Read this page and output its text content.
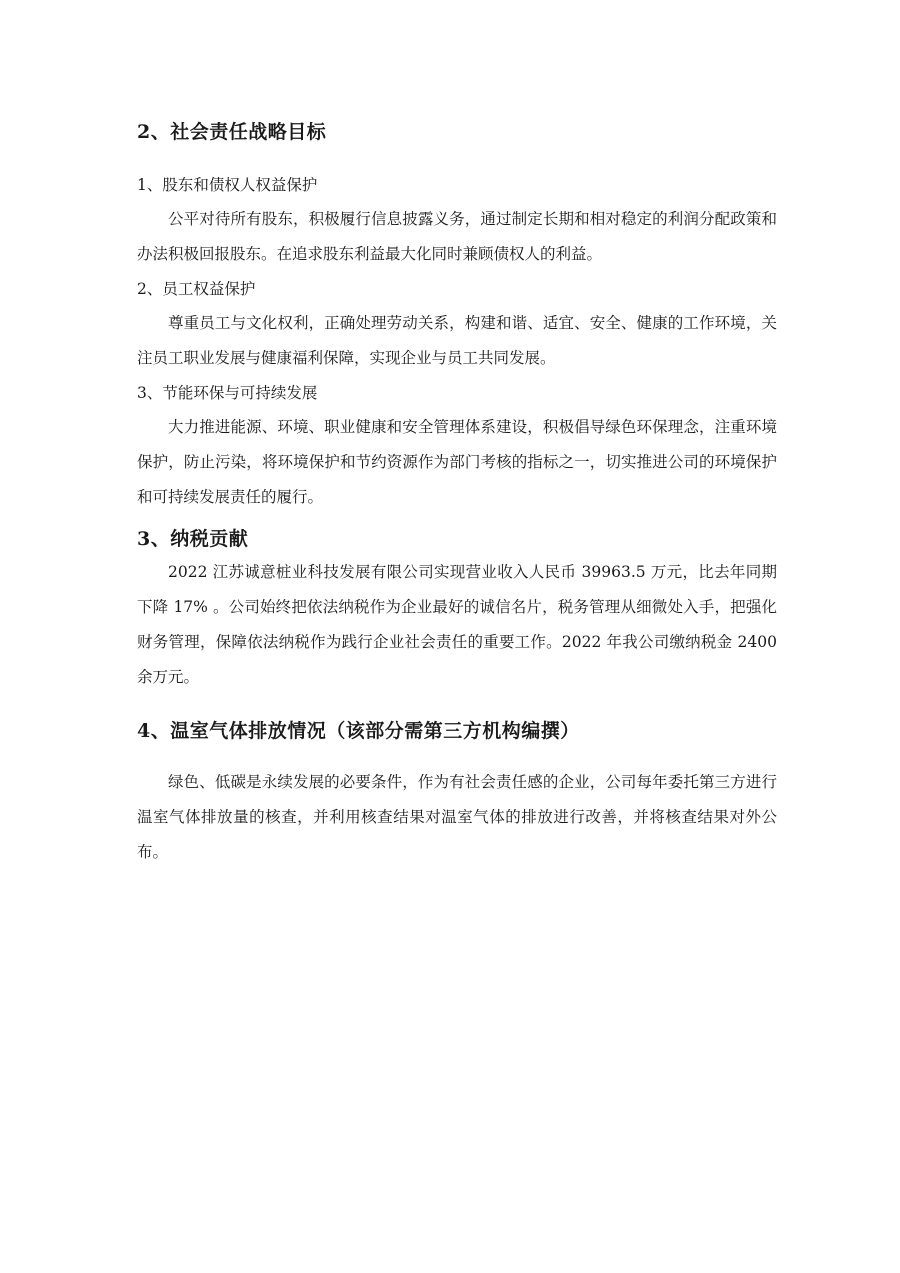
2、社会责任战略目标

1、股东和债权人权益保护

公平对待所有股东，积极履行信息披露义务，通过制定长期和相对稳定的利润分配政策和办法积极回报股东。在追求股东利益最大化同时兼顾债权人的利益。

2、员工权益保护

尊重员工与文化权利，正确处理劳动关系，构建和谐、适宜、安全、健康的工作环境，关注员工职业发展与健康福利保障，实现企业与员工共同发展。

3、节能环保与可持续发展

大力推进能源、环境、职业健康和安全管理体系建设，积极倡导绿色环保理念，注重环境保护，防止污染，将环境保护和节约资源作为部门考核的指标之一，切实推进公司的环境保护和可持续发展责任的履行。

3、纳税贡献

2022 江苏诚意桩业科技发展有限公司实现营业收入人民币 39963.5 万元，比去年同期下降 17% 。公司始终把依法纳税作为企业最好的诚信名片，税务管理从细微处入手，把强化财务管理，保障依法纳税作为践行企业社会责任的重要工作。2022 年我公司缴纳税金 2400 余万元。

4、温室气体排放情况（该部分需第三方机构编撰）

绿色、低碳是永续发展的必要条件，作为有社会责任感的企业，公司每年委托第三方进行温室气体排放量的核查，并利用核查结果对温室气体的排放进行改善，并将核查结果对外公布。
